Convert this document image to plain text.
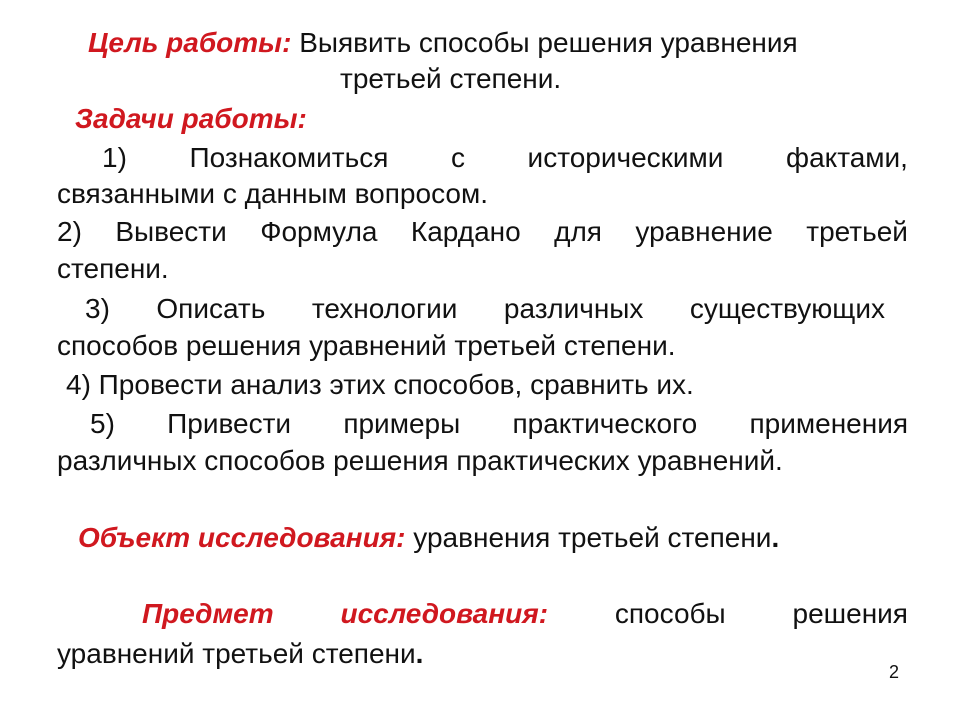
Цель работы: Выявить способы решения уравнения
третьей степени.
Задачи работы:
1) Познакомиться с историческими фактами,
связанными с данным вопросом.
2) Вывести Формула Кардано для уравнение третьей
степени.
3) Описать технологии различных существующих
способов решения уравнений третьей степени.
4) Провести анализ этих способов, сравнить их.
5) Привести примеры практического применения
различных способов решения практических уравнений.
Объект исследования: уравнения третьей степени.
Предмет исследования: способы решения
уравнений третьей степени.
2
